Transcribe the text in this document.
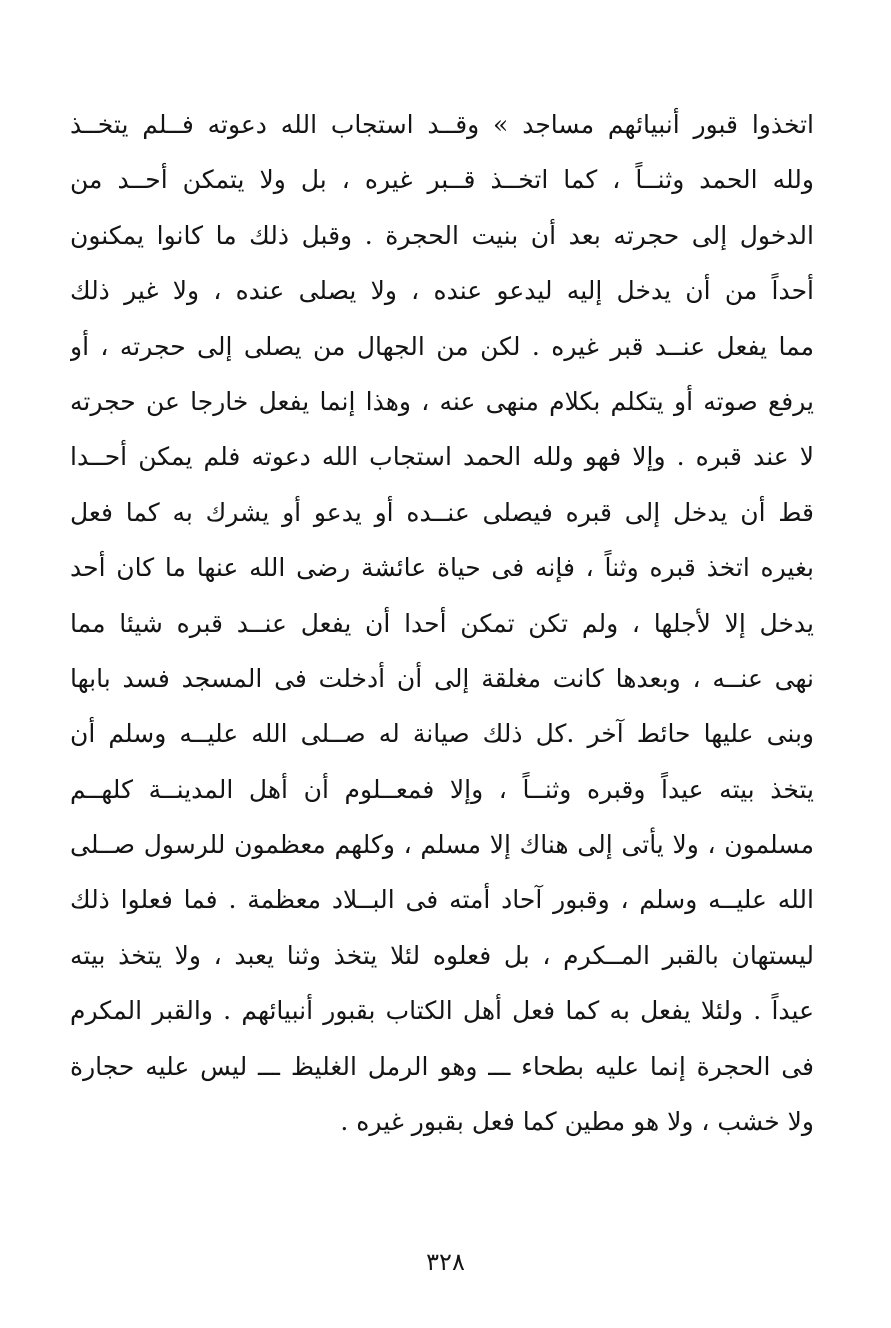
اتخذوا قبور أنبيائهم مساجد » وقــد استجاب الله دعوته فــلم يتخــذ
ولله الحمد وثنــاً ، كما اتخــذ قــبر غيره ، بل ولا يتمكن أحــد من
الدخول إلى حجرته بعد أن بنيت الحجرة . وقبل ذلك ما كانوا يمكنون
أحداً من أن يدخل إليه ليدعو عنده ، ولا يصلى عنده ، ولا غير ذلك
مما يفعل عنــد قبر غيره . لكن من الجهال من يصلى إلى حجرته ، أو
يرفع صوته أو يتكلم بكلام منهى عنه ، وهذا إنما يفعل خارجا عن حجرته
لا عند قبره . وإلا فهو ولله الحمد استجاب الله دعوته فلم يمكن أحــدا
قط أن يدخل إلى قبره فيصلى عنــده أو يدعو أو يشرك به كما فعل
بغيره اتخذ قبره وثناً ، فإنه فى حياة عائشة رضى الله عنها ما كان أحد
يدخل إلا لأجلها ، ولم تكن تمكن أحدا أن يفعل عنــد قبره شيئا مما
نهى عنــه ، وبعدها كانت مغلقة إلى أن أدخلت فى المسجد فسد بابها
وبنى عليها حائط آخر .كل ذلك صيانة له صــلى الله عليــه وسلم أن
يتخذ بيته عيداً وقبره وثنــاً ، وإلا فمعــلوم أن أهل المدينــة كلهــم
مسلمون ، ولا يأتى إلى هناك إلا مسلم ، وكلهم معظمون للرسول صــلى
الله عليــه وسلم ، وقبور آحاد أمته فى البــلاد معظمة . فما فعلوا ذلك
ليستهان بالقبر المــكرم ، بل فعلوه لئلا يتخذ وثنا يعبد ، ولا يتخذ بيته
عيداً . ولئلا يفعل به كما فعل أهل الكتاب بقبور أنبيائهم . والقبر المكرم
فى الحجرة إنما عليه بطحاء ـــ وهو الرمل الغليظ ـــ ليس عليه حجارة
ولا خشب ، ولا هو مطين كما فعل بقبور غيره .
٣٢٨
